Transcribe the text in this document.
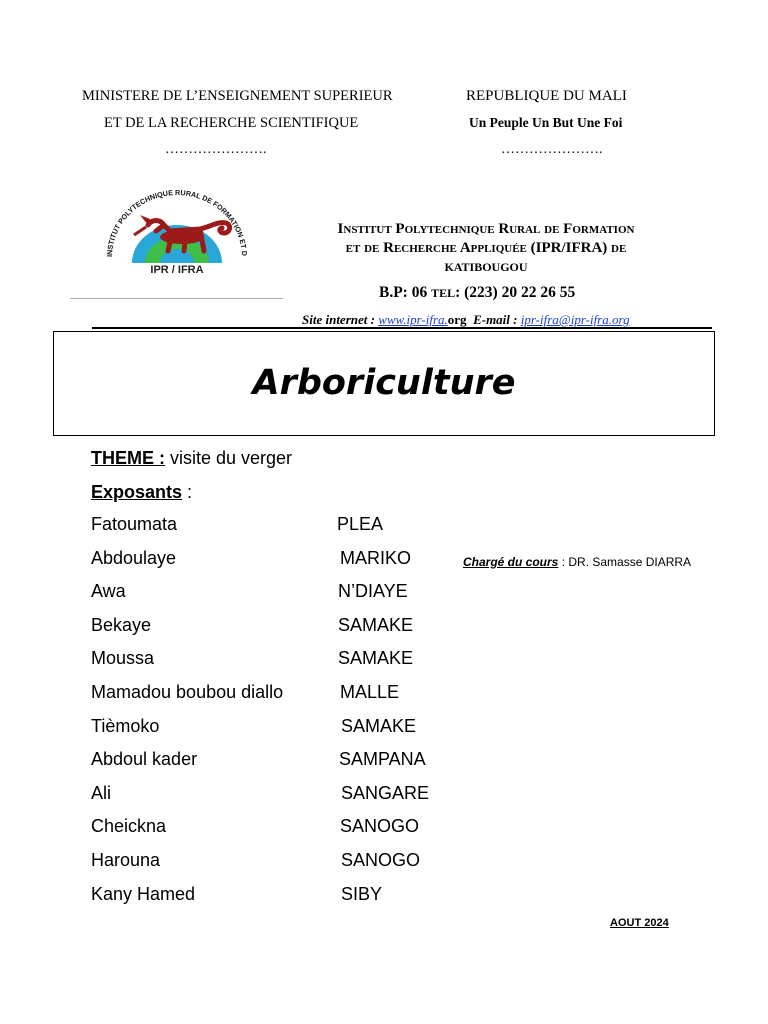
MINISTERE DE L’ENSEIGNEMENT SUPERIEUR
ET DE LA RECHERCHE SCIENTIFIQUE
………………….
REPUBLIQUE DU MALI
Un Peuple Un But Une Foi
………………….
INSTITUT POLYTECHNIQUE RURAL DE FORMATION ET D
IPR / IFRA
Institut Polytechnique Rural de Formation
et de Recherche Appliquée (IPR/IFRA) de
KATIBOUGOU
B.P: 06 TEL: (223) 20 22 26 55
Site internet : www.ipr-ifra.org E-mail : ipr-ifra@ipr-ifra.org
Arboriculture
THEME : visite du verger
Exposants :
Fatoumata	PLEA
Abdoulaye	MARIKO
Awa	N’DIAYE
Bekaye	SAMAKE
Moussa	SAMAKE
Mamadou boubou diallo	MALLE
Tièmoko	SAMAKE
Abdoul kader	SAMPANA
Ali	SANGARE
Cheickna	SANOGO
Harouna	SANOGO
Kany Hamed	SIBY
Chargé du cours : DR. Samasse DIARRA
AOUT 2024
